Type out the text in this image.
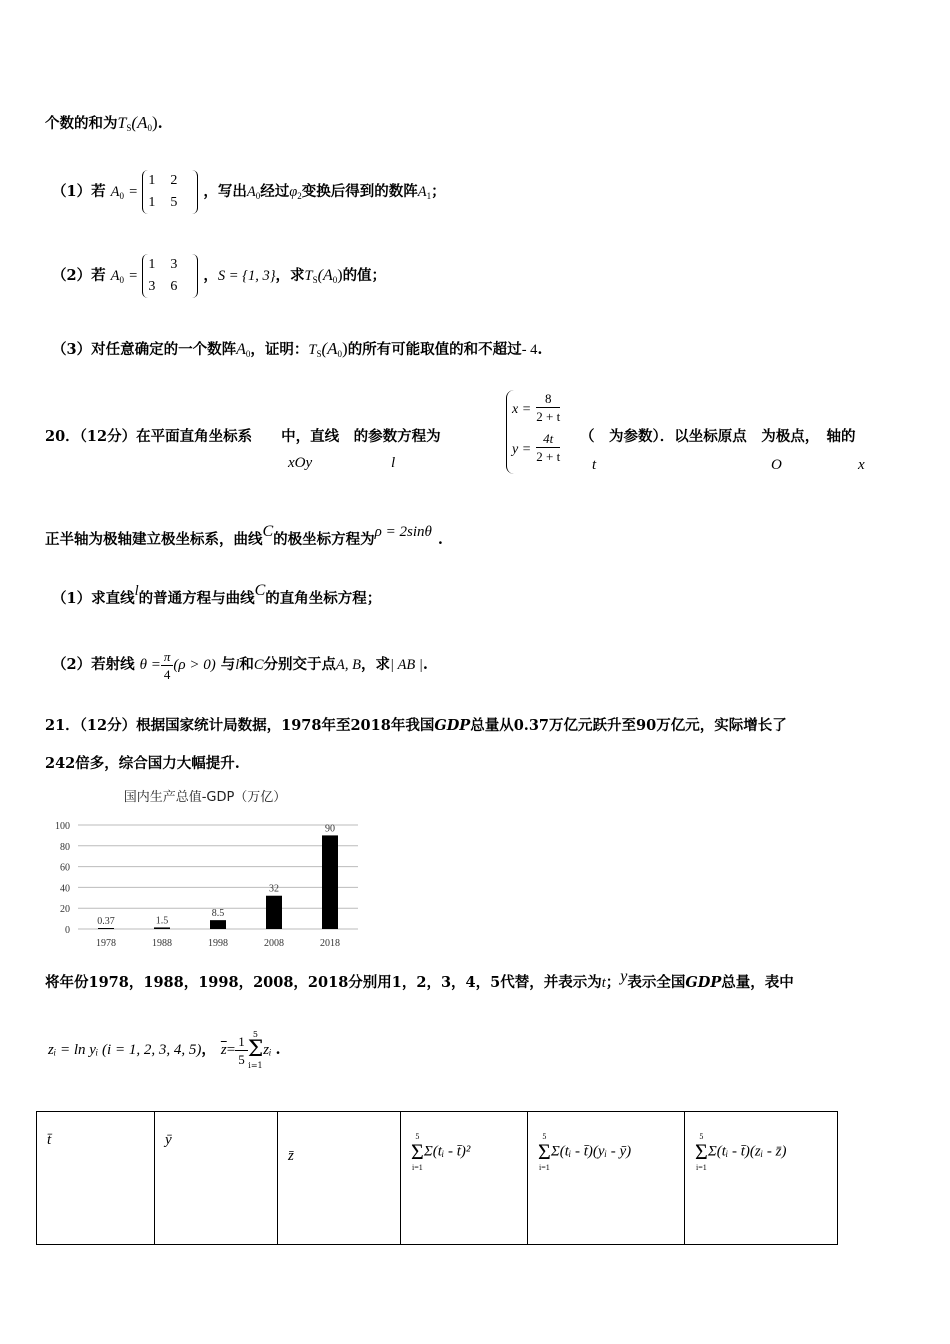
个数的和为$T_S(A_0)$.
（1）若 $A_0 = 1$ 2
1 5 ，写出$A_0$经过$\varphi_2$变换后得到的数阵$A_1$；
（2）若 $A_0 = 1$ 3
3 6 ，S = {1, 3}，求$T_S(A_0)$的值；
（3）对任意确定的一个数阵$A_0$，证明：$T_S(A_0)$的所有可能取值的和不超过- 4.
20．（12分）在平面直角坐标系　　中，直线　的参数方程为
$x = \frac{8}{2 + t}$
$y = \frac{4t}{2 + t}$ （　为参数）．以坐标原点　为极点，　轴的
xOy	l	t	O	x
正半轴为极轴建立极坐标系，曲线C的极坐标方程为ρ = 2sinθ .
（1）求直线l的普通方程与曲线C的直角坐标方程；
（2）若射线 $\theta = \frac{\pi}{4} (\rho > 0)$ 与l和C分别交于点A, B，求| AB |.
21．（12分）根据国家统计局数据，1978年至2018年我国GDP总量从0.37万亿元跃升至90万亿元，实际增长了
242倍多，综合国力大幅提升.
国内生产总值-GDP（万亿）
0
20
40
60
80
100
0.37
1978
1.5
1988
8.5
1998
32
2008
90
2018
将年份1978，1988，1998，2008，2018分别用1，2，3，4，5代替，并表示为t；y表示全国GDP总量，表中
zᵢ = ln yᵢ (i = 1, 2, 3, 4, 5)， $\overline{z}= \frac{1}{5} 5$
Σ
i=1
zᵢ .
t̄	ȳ	z̄	
5
Σ
i=1
Σ(tᵢ - t̄)²	
5
Σ
i=1
Σ(tᵢ - t̄)(yᵢ - ȳ)	
5
Σ
i=1
Σ(tᵢ - t̄)(zᵢ - z̄)
